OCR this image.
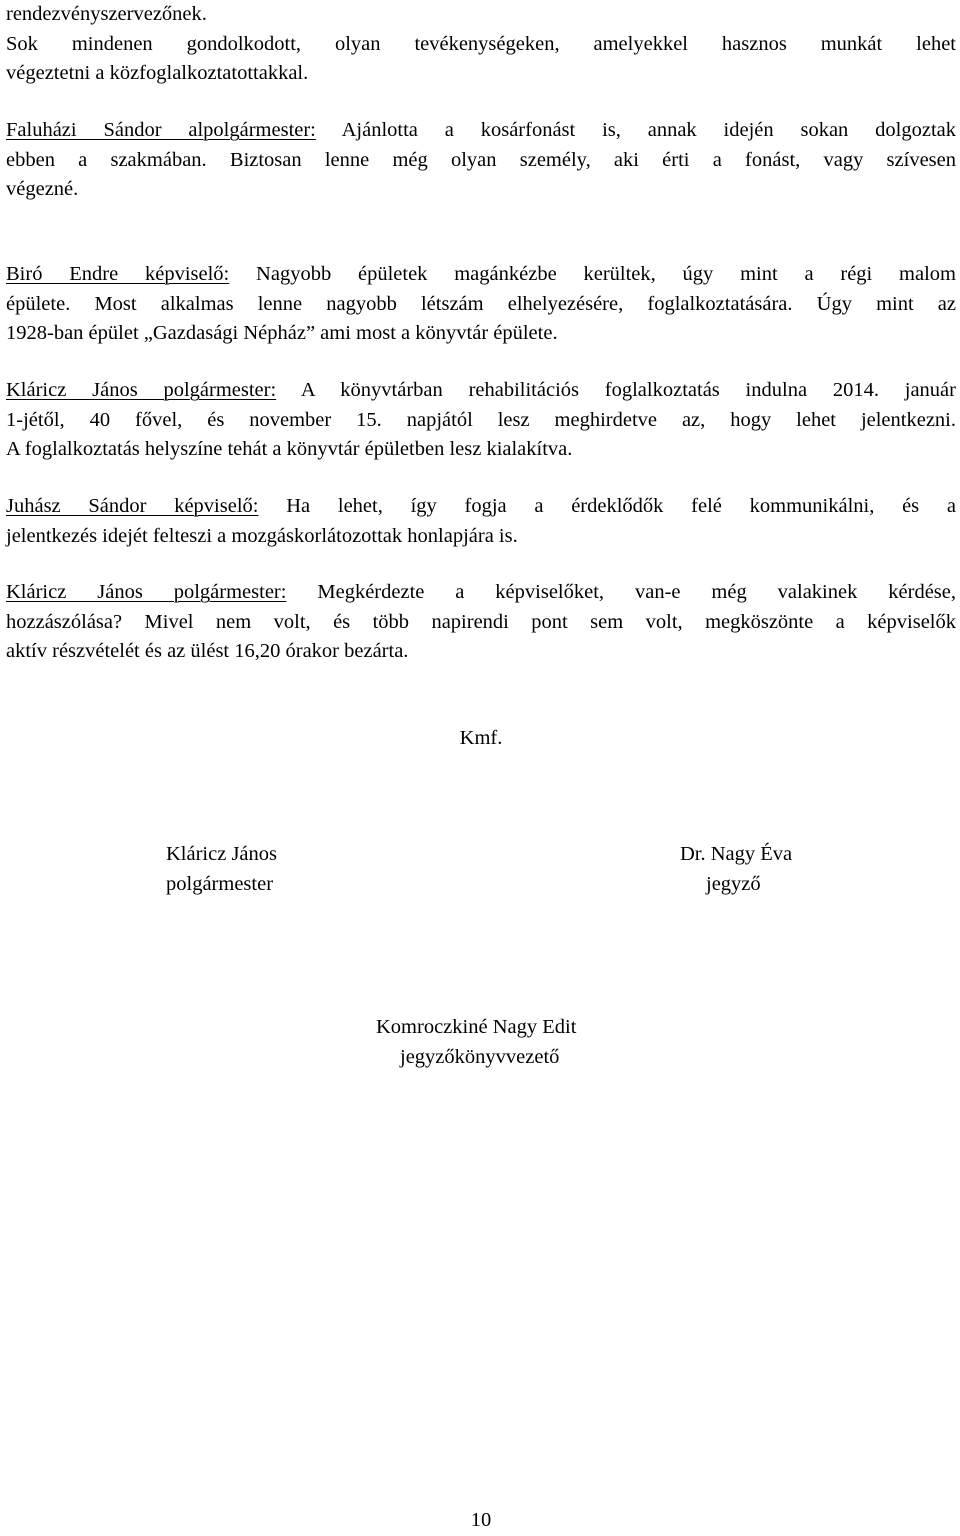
rendezvényszervezőnek.
Sok mindenen gondolkodott, olyan tevékenységeken, amelyekkel hasznos munkát lehet
végeztetni a közfoglalkoztatottakkal.
Faluházi Sándor alpolgármester: Ajánlotta a kosárfonást is, annak idején sokan dolgoztak
ebben a szakmában. Biztosan lenne még olyan személy, aki érti a fonást, vagy szívesen
végezné.
Biró Endre képviselő: Nagyobb épületek magánkézbe kerültek, úgy mint a régi malom
épülete. Most alkalmas lenne nagyobb létszám elhelyezésére, foglalkoztatására. Úgy mint az
1928-ban épület „Gazdasági Népház” ami most a könyvtár épülete.
Kláricz János polgármester: A könyvtárban rehabilitációs foglalkoztatás indulna 2014. január
1-jétől, 40 fővel, és november 15. napjától lesz meghirdetve az, hogy lehet jelentkezni.
A foglalkoztatás helyszíne tehát a könyvtár épületben lesz kialakítva.
Juhász Sándor képviselő: Ha lehet, így fogja a érdeklődők felé kommunikálni, és a
jelentkezés idejét felteszi a mozgáskorlátozottak honlapjára is.
Kláricz János polgármester: Megkérdezte a képviselőket, van-e még valakinek kérdése,
hozzászólása? Mivel nem volt, és több napirendi pont sem volt, megköszönte a képviselők
aktív részvételét és az ülést 16,20 órakor bezárta.
Kmf.
Kláricz János
polgármester
Dr. Nagy Éva
jegyző
Komroczkiné Nagy Edit
jegyzőkönyvvezető
10
